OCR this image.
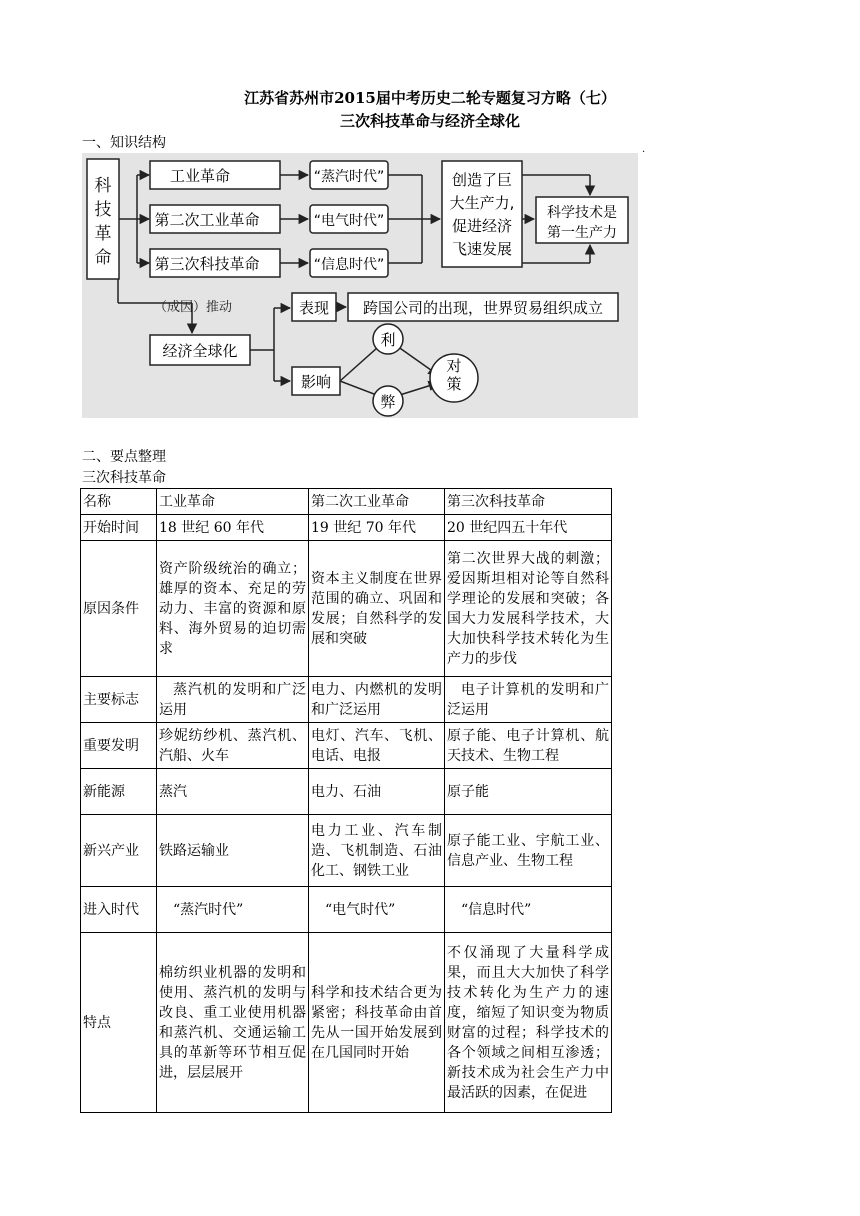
江苏省苏州市2015届中考历史二轮专题复习方略（七）
三次科技革命与经济全球化
一、知识结构	.
科技革命
工业革命
第二次工业革命
第三次科技革命
“蒸汽时代”
“电气时代”
“信息时代”
创造了巨大生产力,促进经济飞速发展
科学技术是第一生产力
（成因）推动
经济全球化
表现 跨国公司的出现，世界贸易组织成立
影响
利
弊
对策
二、要点整理
三次科技革命
名称	工业革命	第二次工业革命	第三次科技革命
开始时间	18 世纪 60 年代	19 世纪 70 年代	20 世纪四五十年代
原因条件	资产阶级统治的确立；雄厚的资本、充足的劳动力、丰富的资源和原料、海外贸易的迫切需求	资本主义制度在世界范围的确立、巩固和发展；自然科学的发展和突破	第二次世界大战的刺激；爱因斯坦相对论等自然科学理论的发展和突破；各国大力发展科学技术，大大加快科学技术转化为生产力的步伐
主要标志	蒸汽机的发明和广泛运用	电力、内燃机的发明和广泛运用	电子计算机的发明和广泛运用
重要发明	珍妮纺纱机、蒸汽机、汽船、火车	电灯、汽车、飞机、电话、电报	原子能、电子计算机、航天技术、生物工程
新能源	蒸汽	电力、石油	原子能
新兴产业	铁路运输业	电力工业、汽车制造、飞机制造、石油化工、钢铁工业	原子能工业、宇航工业、信息产业、生物工程
进入时代	“蒸汽时代”	“电气时代”	“信息时代”
特点	棉纺织业机器的发明和使用、蒸汽机的发明与改良、重工业使用机器和蒸汽机、交通运输工具的革新等环节相互促进，层层展开	科学和技术结合更为紧密；科技革命由首先从一国开始发展到在几国同时开始	不仅涌现了大量科学成果，而且大大加快了科学技术转化为生产力的速度，缩短了知识变为物质财富的过程；科学技术的各个领域之间相互渗透；新技术成为社会生产力中最活跃的因素，在促进
